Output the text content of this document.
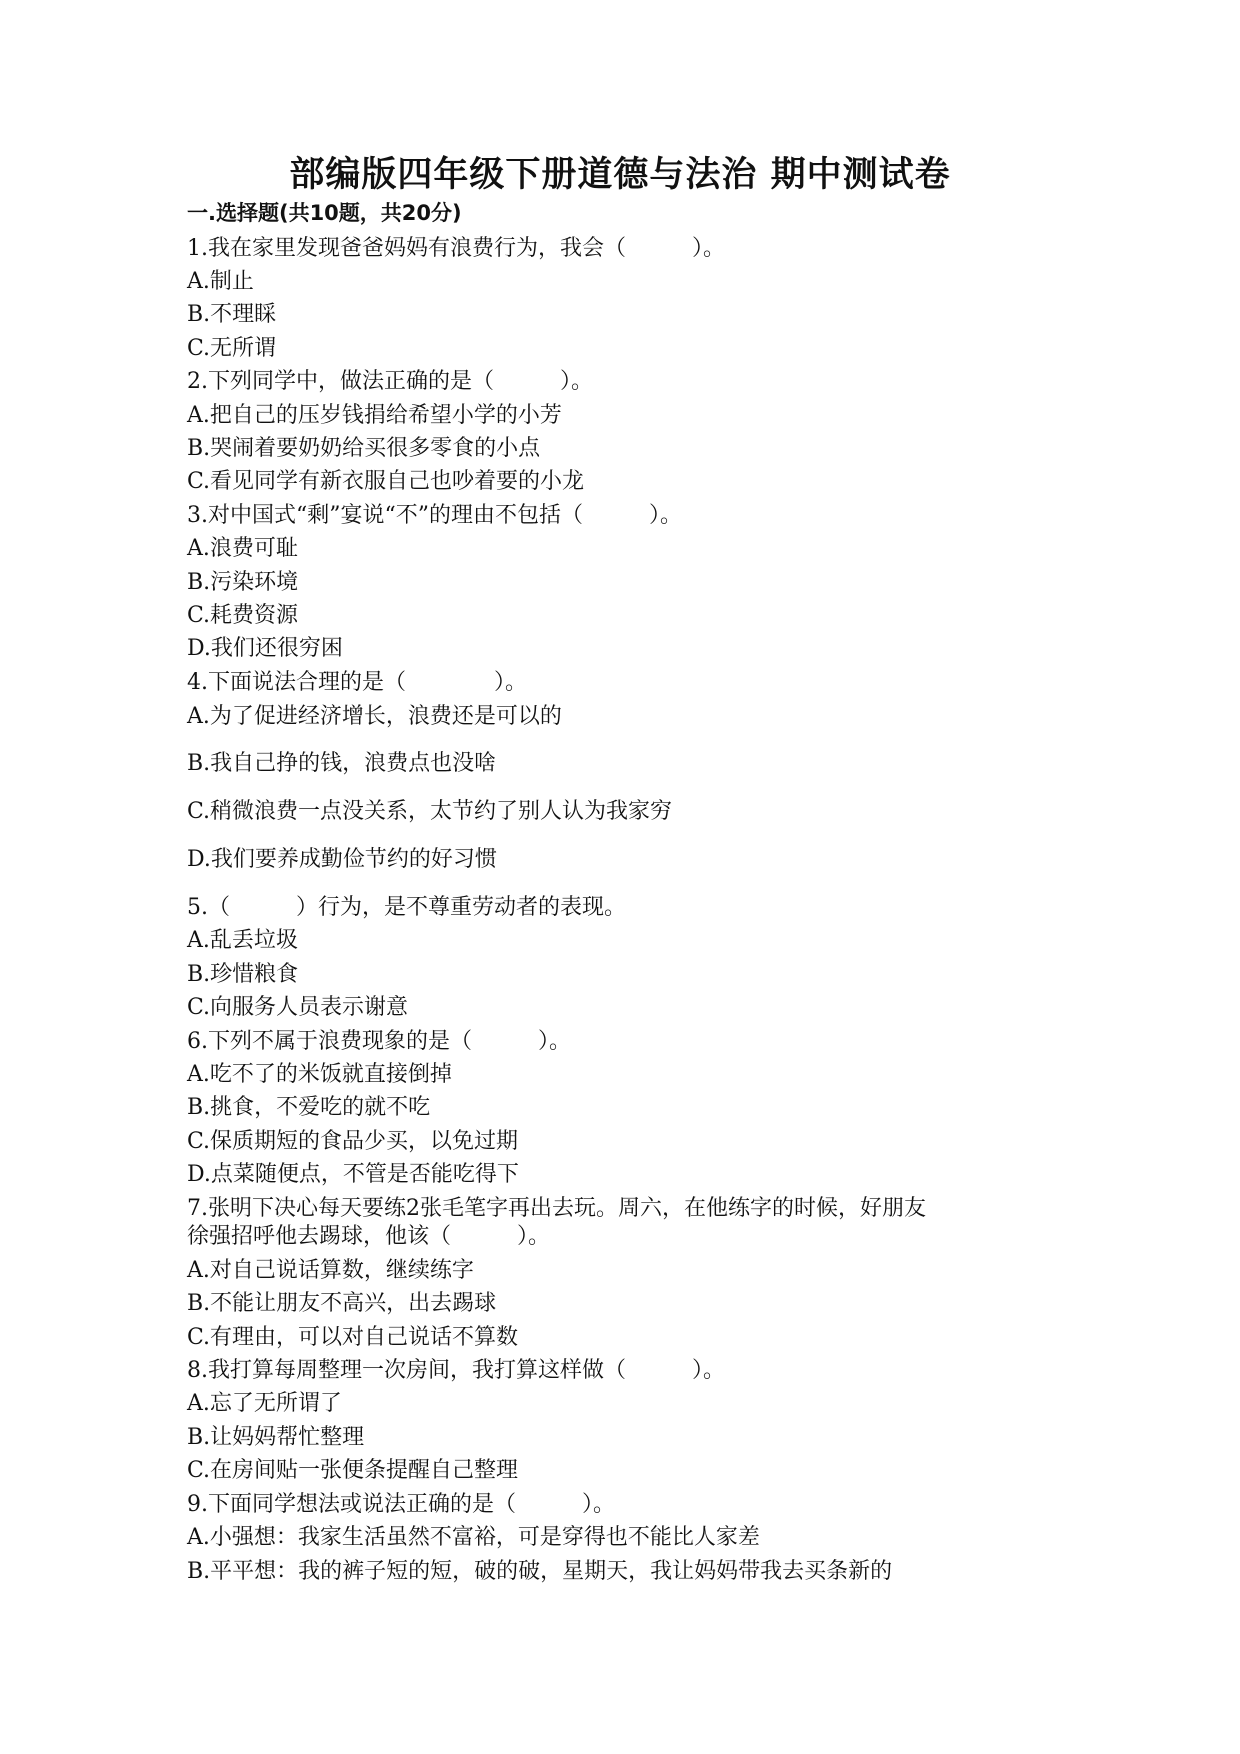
部编版四年级下册道德与法治 期中测试卷
一.选择题(共10题，共20分)
1.我在家里发现爸爸妈妈有浪费行为，我会（　　　）。
A.制止
B.不理睬
C.无所谓
2.下列同学中，做法正确的是（　　　）。
A.把自己的压岁钱捐给希望小学的小芳
B.哭闹着要奶奶给买很多零食的小点
C.看见同学有新衣服自己也吵着要的小龙
3.对中国式“剩”宴说“不”的理由不包括（　　　）。
A.浪费可耻
B.污染环境
C.耗费资源
D.我们还很穷困
4.下面说法合理的是（　　　　）。
A.为了促进经济增长，浪费还是可以的
B.我自己挣的钱，浪费点也没啥
C.稍微浪费一点没关系，太节约了别人认为我家穷
D.我们要养成勤俭节约的好习惯
5.（　　　）行为，是不尊重劳动者的表现。
A.乱丢垃圾
B.珍惜粮食
C.向服务人员表示谢意
6.下列不属于浪费现象的是（　　　）。
A.吃不了的米饭就直接倒掉
B.挑食，不爱吃的就不吃
C.保质期短的食品少买，以免过期
D.点菜随便点，不管是否能吃得下
7.张明下决心每天要练2张毛笔字再出去玩。周六，在他练字的时候，好朋友
徐强招呼他去踢球，他该（　　　）。
A.对自己说话算数，继续练字
B.不能让朋友不高兴，出去踢球
C.有理由，可以对自己说话不算数
8.我打算每周整理一次房间，我打算这样做（　　　）。
A.忘了无所谓了
B.让妈妈帮忙整理
C.在房间贴一张便条提醒自己整理
9.下面同学想法或说法正确的是（　　　）。
A.小强想：我家生活虽然不富裕，可是穿得也不能比人家差
B.平平想：我的裤子短的短，破的破，星期天，我让妈妈带我去买条新的
